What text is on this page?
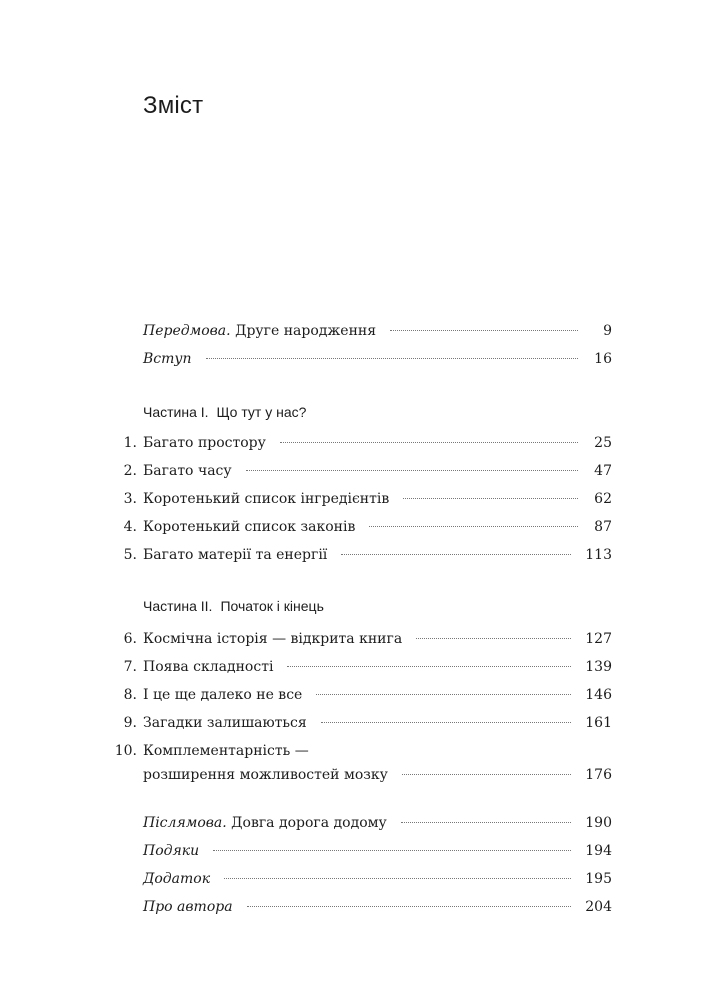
Зміст
Передмова. Друге народження	9
Вступ	16
Частина I. Що тут у нас?
1. Багато простору	25
2. Багато часу	47
3. Коротенький список інгредієнтів	62
4. Коротенький список законів	87
5. Багато матерії та енергії	113
Частина II. Початок і кінець
6. Космічна історія — відкрита книга	127
7. Поява складності	139
8. І це ще далеко не все	146
9. Загадки залишаються	161
10. Комплементарність —
розширення можливостей мозку	176
Післямова. Довга дорога додому	190
Подяки	194
Додаток	195
Про автора	204
